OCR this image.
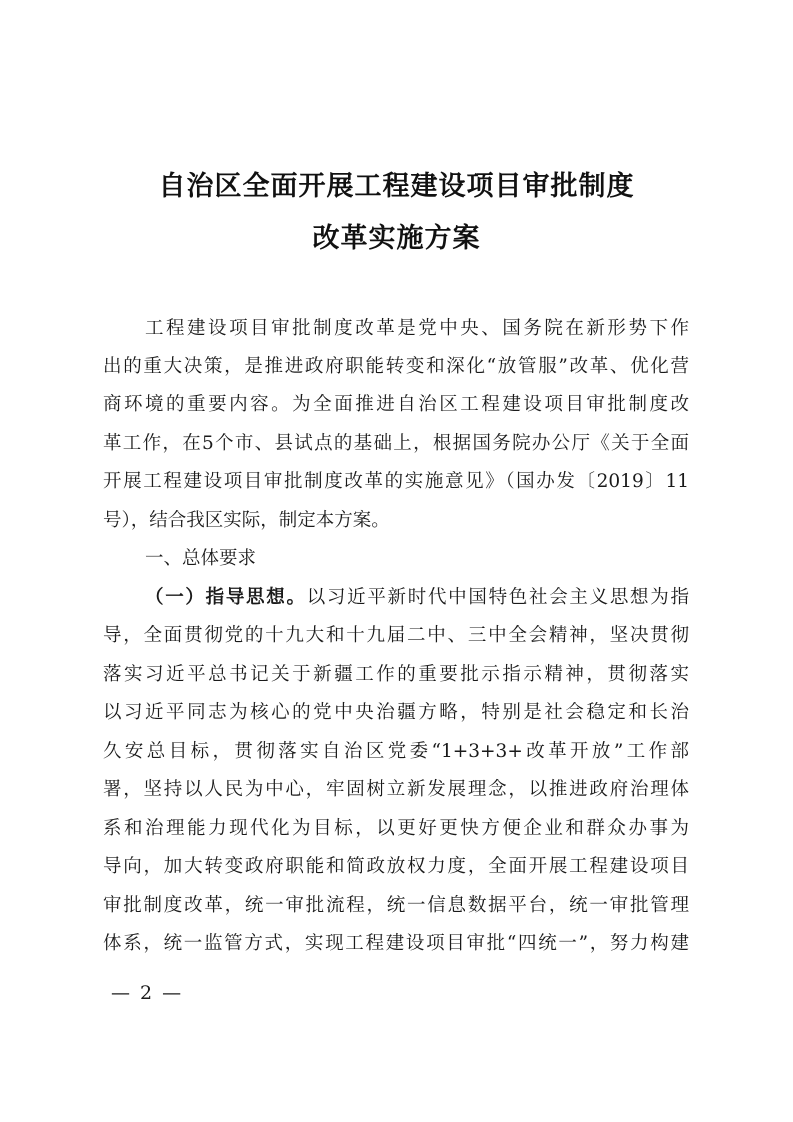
自治区全面开展工程建设项目审批制度
改革实施方案
工程建设项目审批制度改革是党中央、国务院在新形势下作
出的重大决策，是推进政府职能转变和深化“放管服”改革、优化营
商环境的重要内容。为全面推进自治区工程建设项目审批制度改
革工作，在5个市、县试点的基础上，根据国务院办公厅《关于全面
开展工程建设项目审批制度改革的实施意见》（国办发〔2019〕11
号），结合我区实际，制定本方案。
一、总体要求
（一）指导思想。以习近平新时代中国特色社会主义思想为指
导，全面贯彻党的十九大和十九届二中、三中全会精神，坚决贯彻
落实习近平总书记关于新疆工作的重要批示指示精神，贯彻落实
以习近平同志为核心的党中央治疆方略，特别是社会稳定和长治
久安总目标，贯彻落实自治区党委“1+3+3+改革开放”工作部
署，坚持以人民为中心，牢固树立新发展理念，以推进政府治理体
系和治理能力现代化为目标，以更好更快方便企业和群众办事为
导向，加大转变政府职能和简政放权力度，全面开展工程建设项目
审批制度改革，统一审批流程，统一信息数据平台，统一审批管理
体系，统一监管方式，实现工程建设项目审批“四统一”，努力构建
— 2 —
